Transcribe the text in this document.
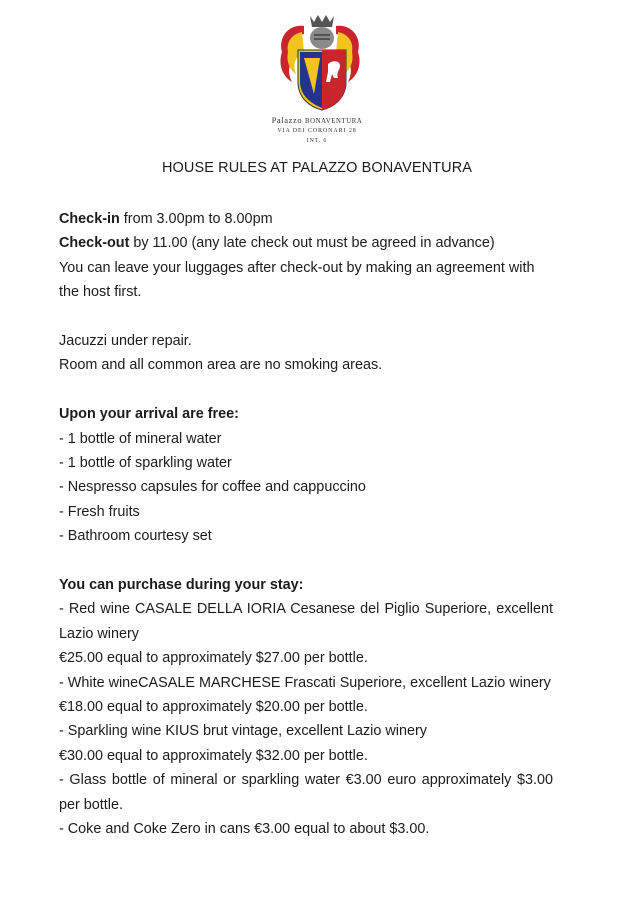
Palazzo BONAVENTURA
VIA DEI CORONARI 28
INT. 6
HOUSE RULES AT PALAZZO BONAVENTURA

Check-in from 3.00pm to 8.00pm

Check-out by 11.00 (any late check out must be agreed in advance)

You can leave your luggages after check-out by making an agreement with the host first.

Jacuzzi under repair.

Room and all common area are no smoking areas.

Upon your arrival are free:

- 1 bottle of mineral water

- 1 bottle of sparkling water

- Nespresso capsules for coffee and cappuccino

- Fresh fruits

- Bathroom courtesy set

You can purchase during your stay:

- Red wine CASALE DELLA IORIA Cesanese del Piglio Superiore, excellent Lazio winery

€25.00 equal to approximately $27.00 per bottle.

- White wineCASALE MARCHESE Frascati Superiore, excellent Lazio winery

€18.00 equal to approximately $20.00 per bottle.

- Sparkling wine KIUS brut vintage, excellent Lazio winery

€30.00 equal to approximately $32.00 per bottle.

- Glass bottle of mineral or sparkling water €3.00 euro approximately $3.00 per bottle.

- Coke and Coke Zero in cans €3.00 equal to about $3.00.
